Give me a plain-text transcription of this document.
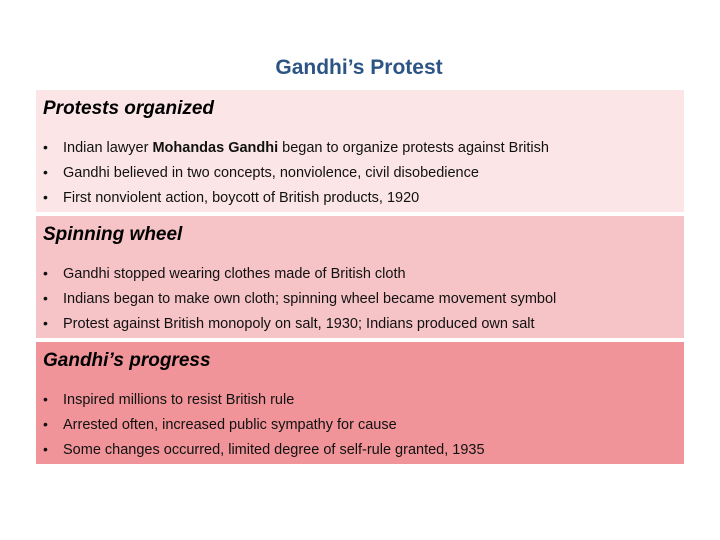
Gandhi’s Protest
Protests organized
•	Indian lawyer Mohandas Gandhi began to organize protests against British
•	Gandhi believed in two concepts, nonviolence, civil disobedience
•	First nonviolent action, boycott of British products, 1920
Spinning wheel
•	Gandhi stopped wearing clothes made of British cloth
•	Indians began to make own cloth; spinning wheel became movement symbol
•	Protest against British monopoly on salt, 1930; Indians produced own salt
Gandhi’s progress
•	Inspired millions to resist British rule
•	Arrested often, increased public sympathy for cause
•	Some changes occurred, limited degree of self-rule granted, 1935
